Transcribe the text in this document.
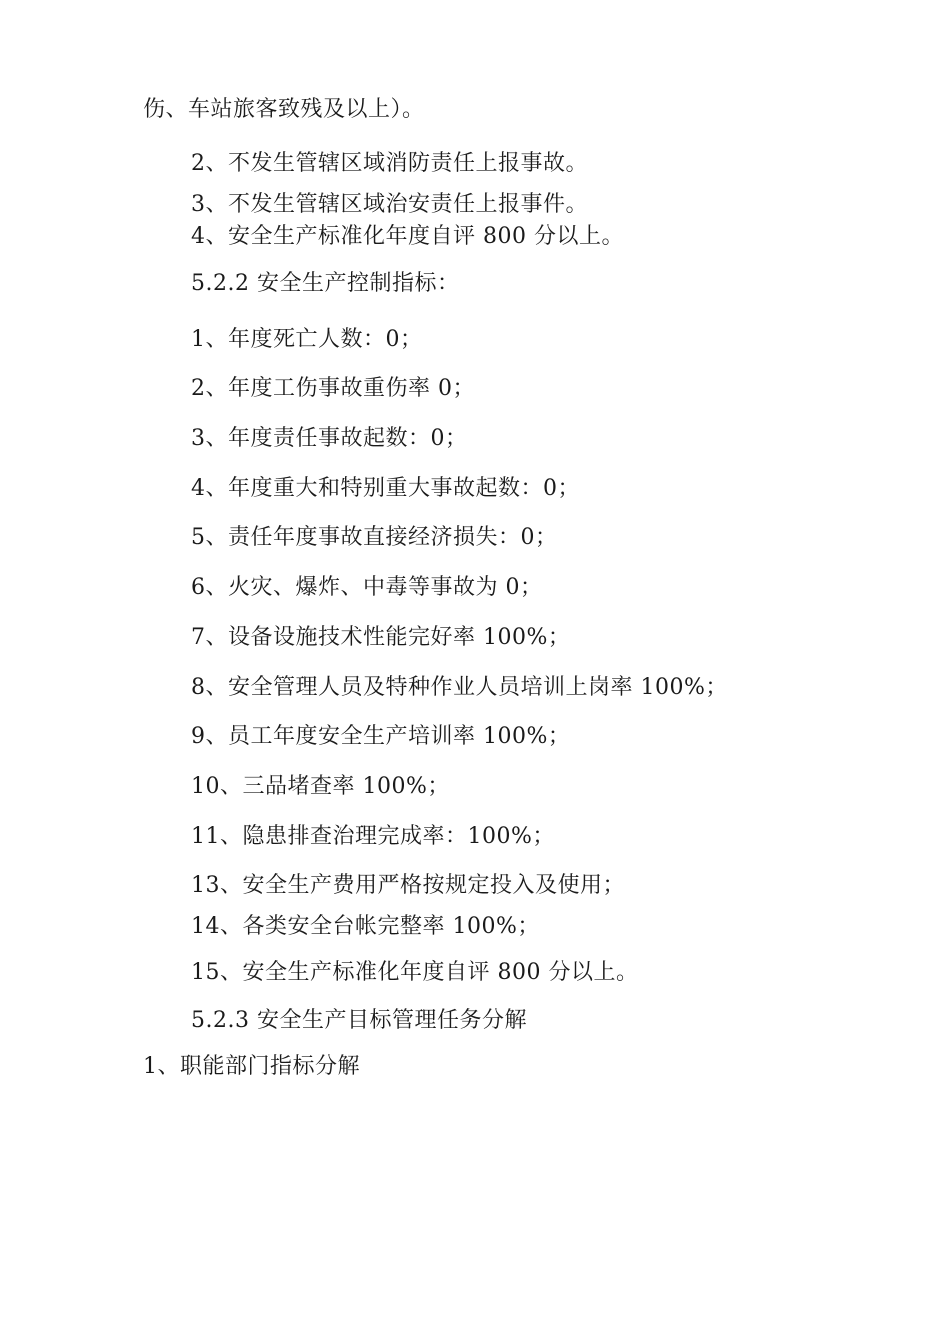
伤、车站旅客致残及以上）。
2、不发生管辖区域消防责任上报事故。
3、不发生管辖区域治安责任上报事件。
4、安全生产标准化年度自评 800 分以上。
5.2.2 安全生产控制指标：
1、年度死亡人数：0；
2、年度工伤事故重伤率 0；
3、年度责任事故起数：0；
4、年度重大和特别重大事故起数：0；
5、责任年度事故直接经济损失：0；
6、火灾、爆炸、中毒等事故为 0；
7、设备设施技术性能完好率 100%；
8、安全管理人员及特种作业人员培训上岗率 100%；
9、员工年度安全生产培训率 100%；
10、三品堵查率 100%；
11、隐患排查治理完成率：100%；
13、安全生产费用严格按规定投入及使用；
14、各类安全台帐完整率 100%；
15、安全生产标准化年度自评 800 分以上。
5.2.3 安全生产目标管理任务分解
1、职能部门指标分解
